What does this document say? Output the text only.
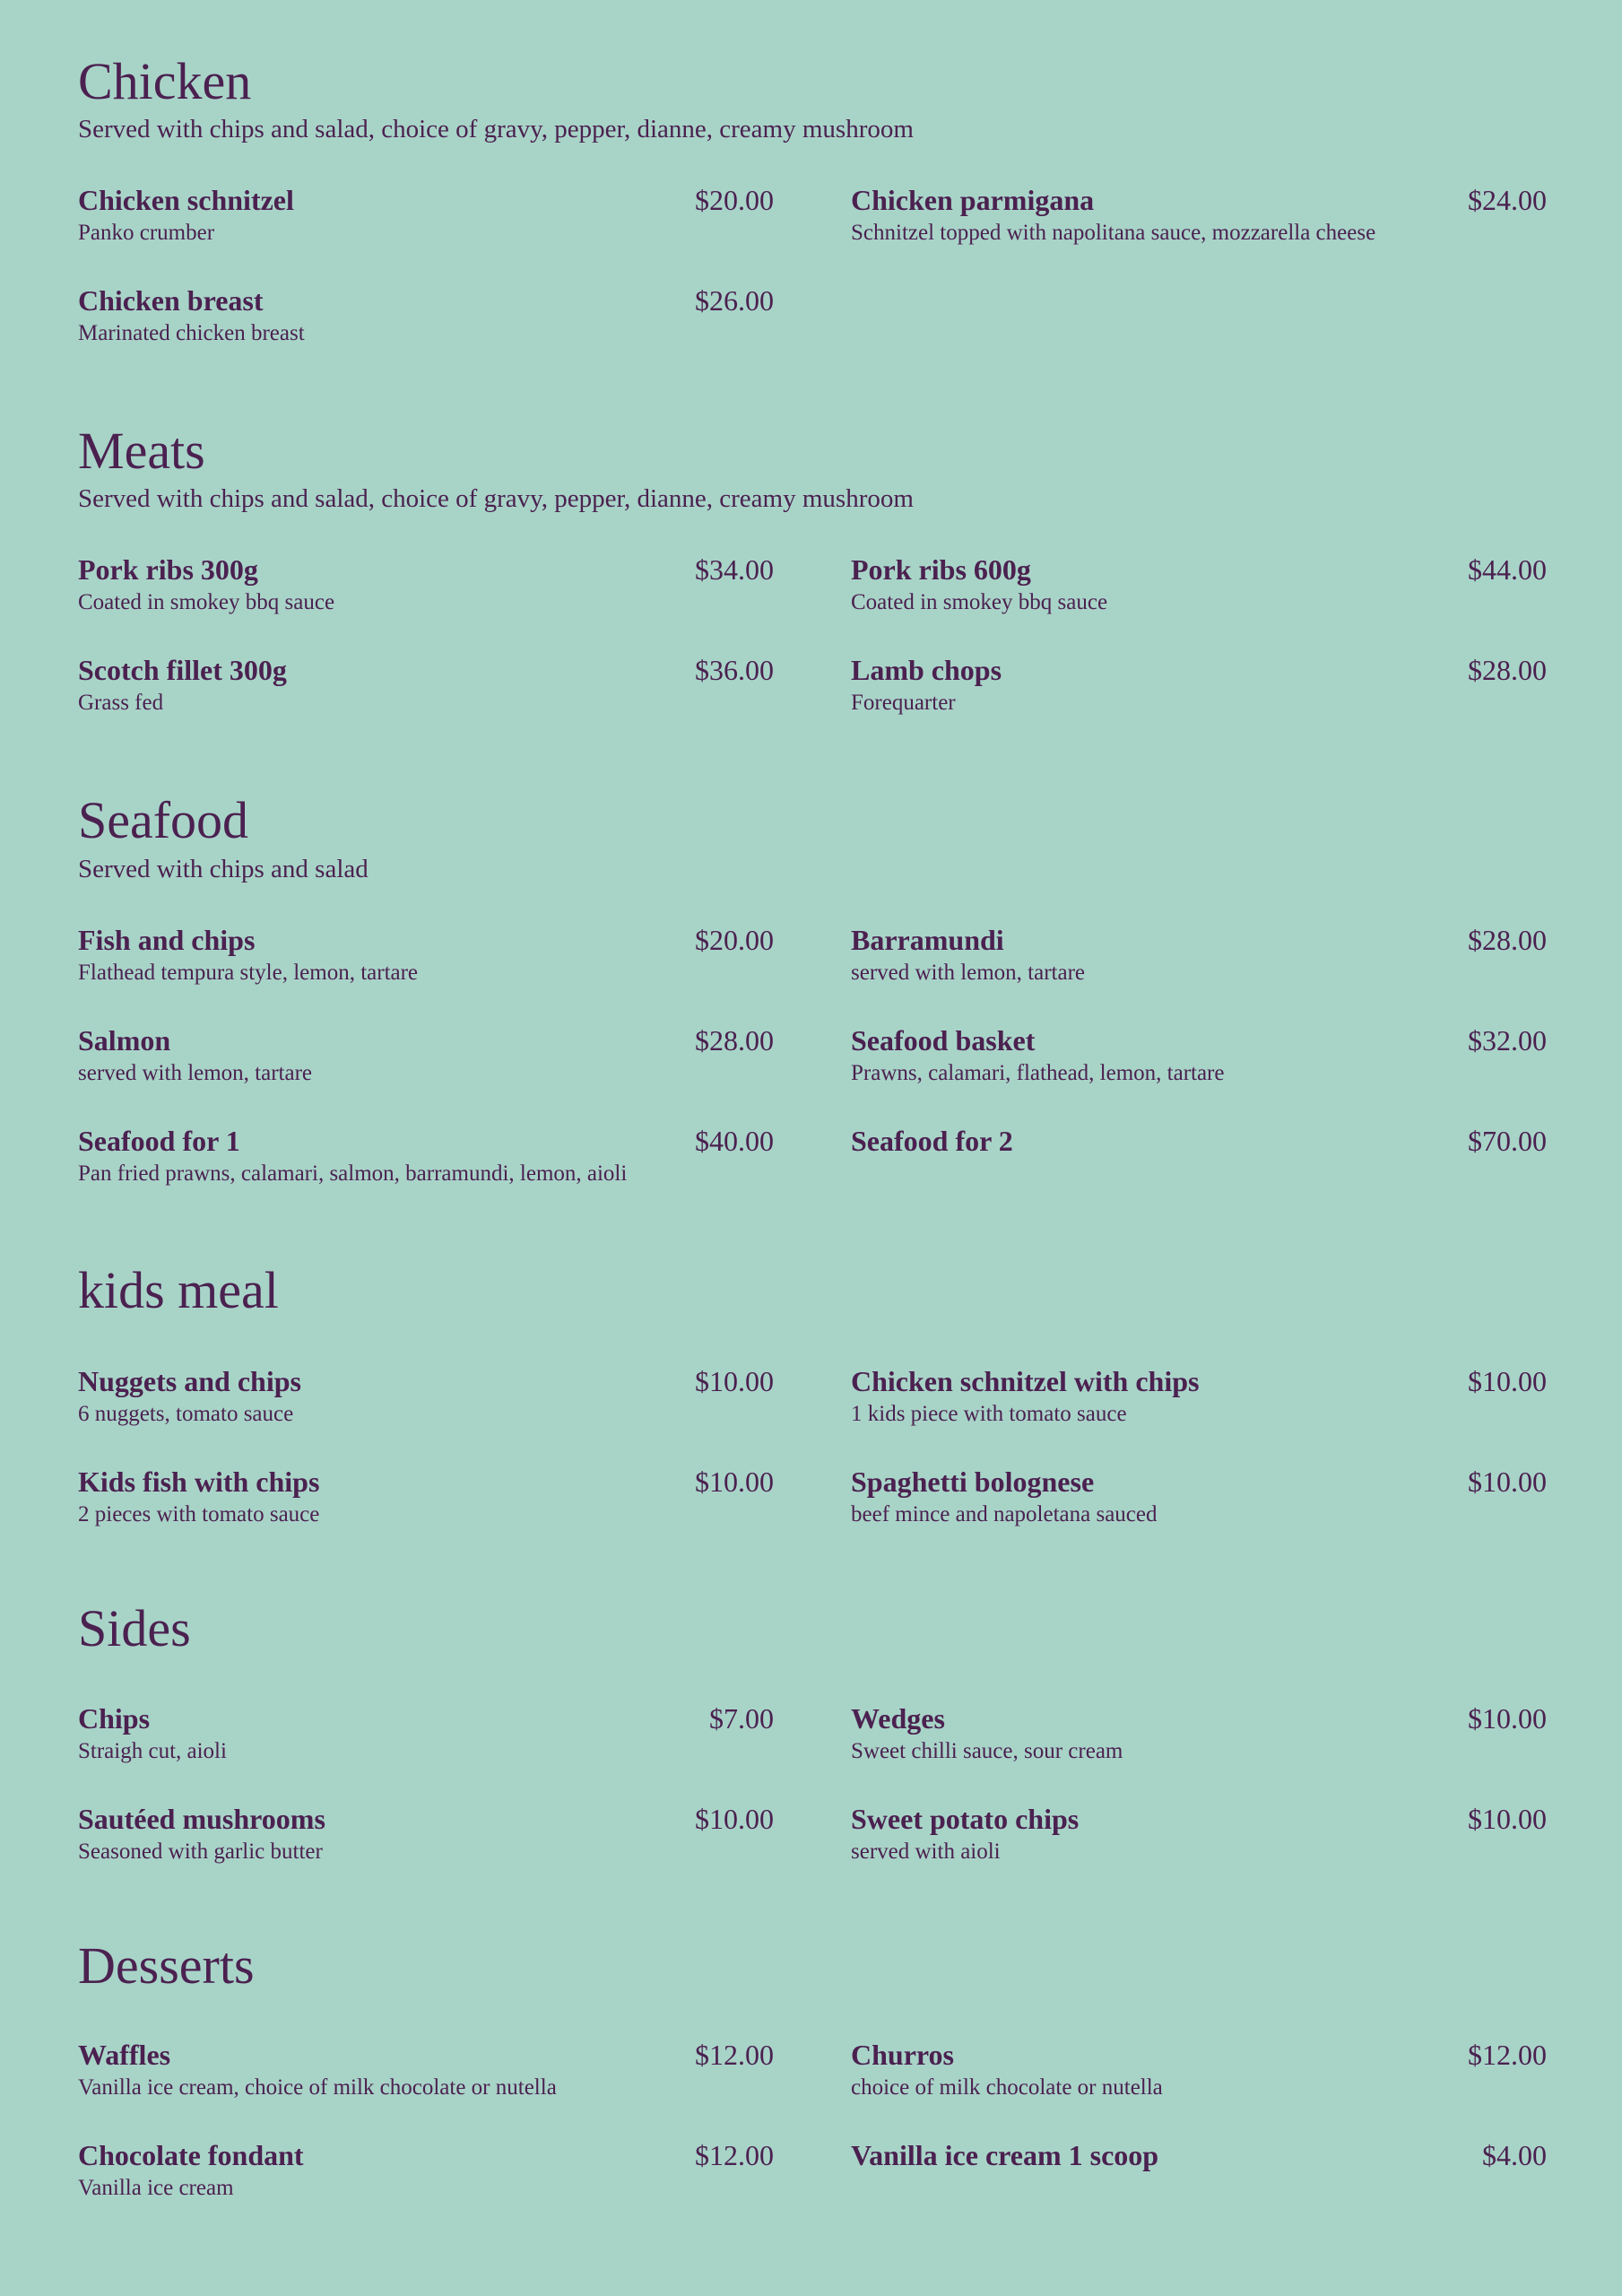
Chicken

Served with chips and salad, choice of gravy, pepper, dianne, creamy mushroom

Chicken schnitzel	$20.00
Panko crumber
Chicken parmigana	$24.00
Schnitzel topped with napolitana sauce, mozzarella cheese
Chicken breast	$26.00
Marinated chicken breast
Meats

Served with chips and salad, choice of gravy, pepper, dianne, creamy mushroom

Pork ribs 300g	$34.00
Coated in smokey bbq sauce
Pork ribs 600g	$44.00
Coated in smokey bbq sauce
Scotch fillet 300g	$36.00
Grass fed
Lamb chops	$28.00
Forequarter
Seafood

Served with chips and salad

Fish and chips	$20.00
Flathead tempura style, lemon, tartare
Barramundi	$28.00
served with lemon, tartare
Salmon	$28.00
served with lemon, tartare
Seafood basket	$32.00
Prawns, calamari, flathead, lemon, tartare
Seafood for 1	$40.00
Pan fried prawns, calamari, salmon, barramundi, lemon, aioli
Seafood for 2	$70.00
kids meal
Nuggets and chips	$10.00
6 nuggets, tomato sauce
Chicken schnitzel with chips	$10.00
1 kids piece with tomato sauce
Kids fish with chips	$10.00
2 pieces with tomato sauce
Spaghetti bolognese	$10.00
beef mince and napoletana sauced
Sides
Chips	$7.00
Straigh cut, aioli
Wedges	$10.00
Sweet chilli sauce, sour cream
Sautéed mushrooms	$10.00
Seasoned with garlic butter
Sweet potato chips	$10.00
served with aioli
Desserts
Waffles	$12.00
Vanilla ice cream, choice of milk chocolate or nutella
Churros	$12.00
choice of milk chocolate or nutella
Chocolate fondant	$12.00
Vanilla ice cream
Vanilla ice cream 1 scoop	$4.00
